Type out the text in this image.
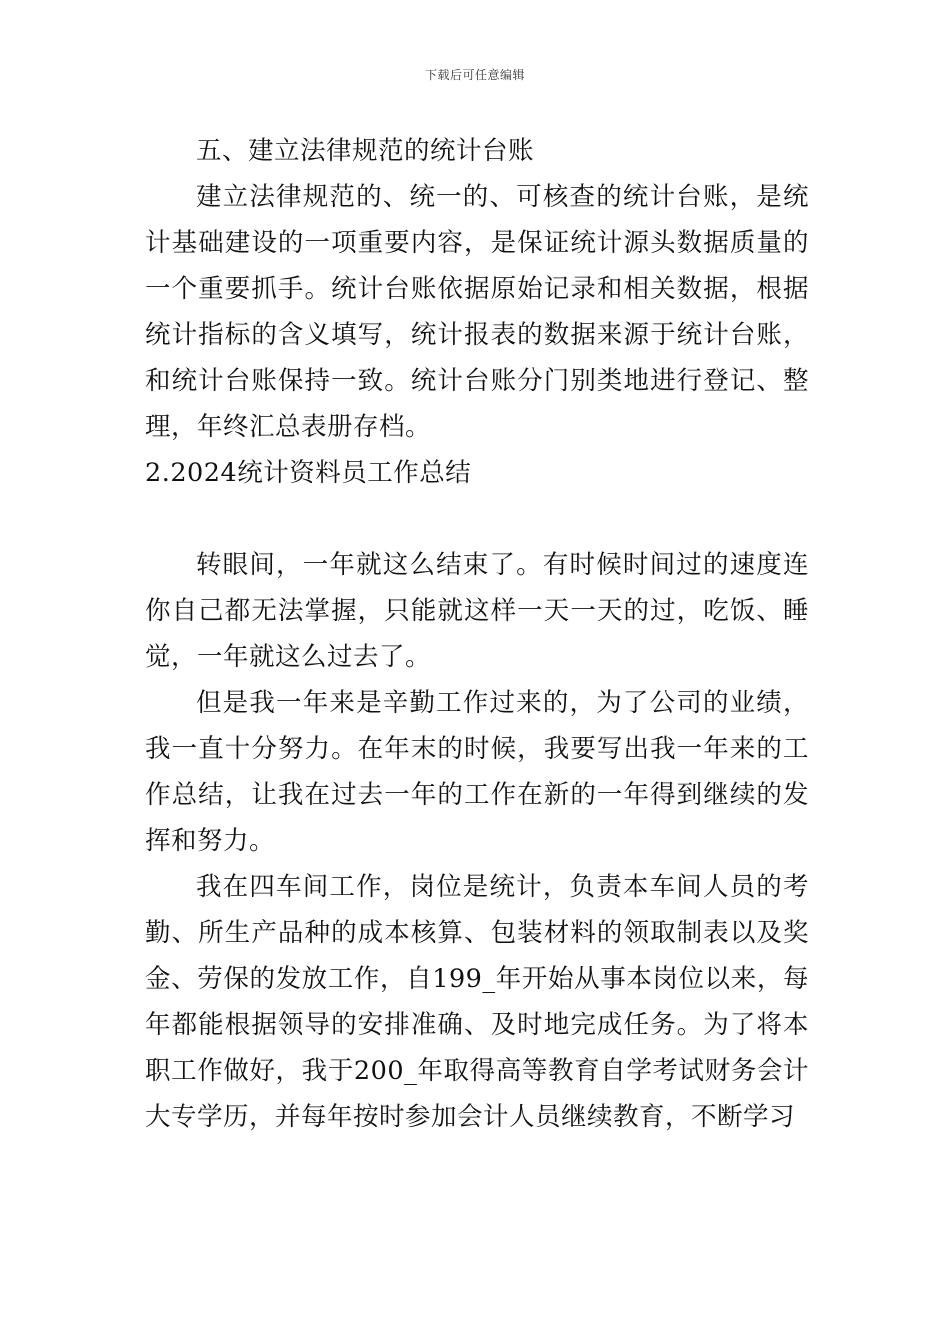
下载后可任意编辑

五、建立法律规范的统计台账

建立法律规范的、统一的、可核查的统计台账，是统计基础建设的一项重要内容，是保证统计源头数据质量的一个重要抓手。统计台账依据原始记录和相关数据，根据统计指标的含义填写，统计报表的数据来源于统计台账，和统计台账保持一致。统计台账分门别类地进行登记、整理，年终汇总表册存档。

2.2024统计资料员工作总结

转眼间，一年就这么结束了。有时候时间过的速度连你自己都无法掌握，只能就这样一天一天的过，吃饭、睡觉，一年就这么过去了。

但是我一年来是辛勤工作过来的，为了公司的业绩，我一直十分努力。在年末的时候，我要写出我一年来的工作总结，让我在过去一年的工作在新的一年得到继续的发挥和努力。

我在四车间工作，岗位是统计，负责本车间人员的考勤、所生产品种的成本核算、包装材料的领取制表以及奖金、劳保的发放工作，自199_年开始从事本岗位以来，每年都能根据领导的安排准确、及时地完成任务。为了将本职工作做好，我于200_年取得高等教育自学考试财务会计大专学历，并每年按时参加会计人员继续教育，不断学习
